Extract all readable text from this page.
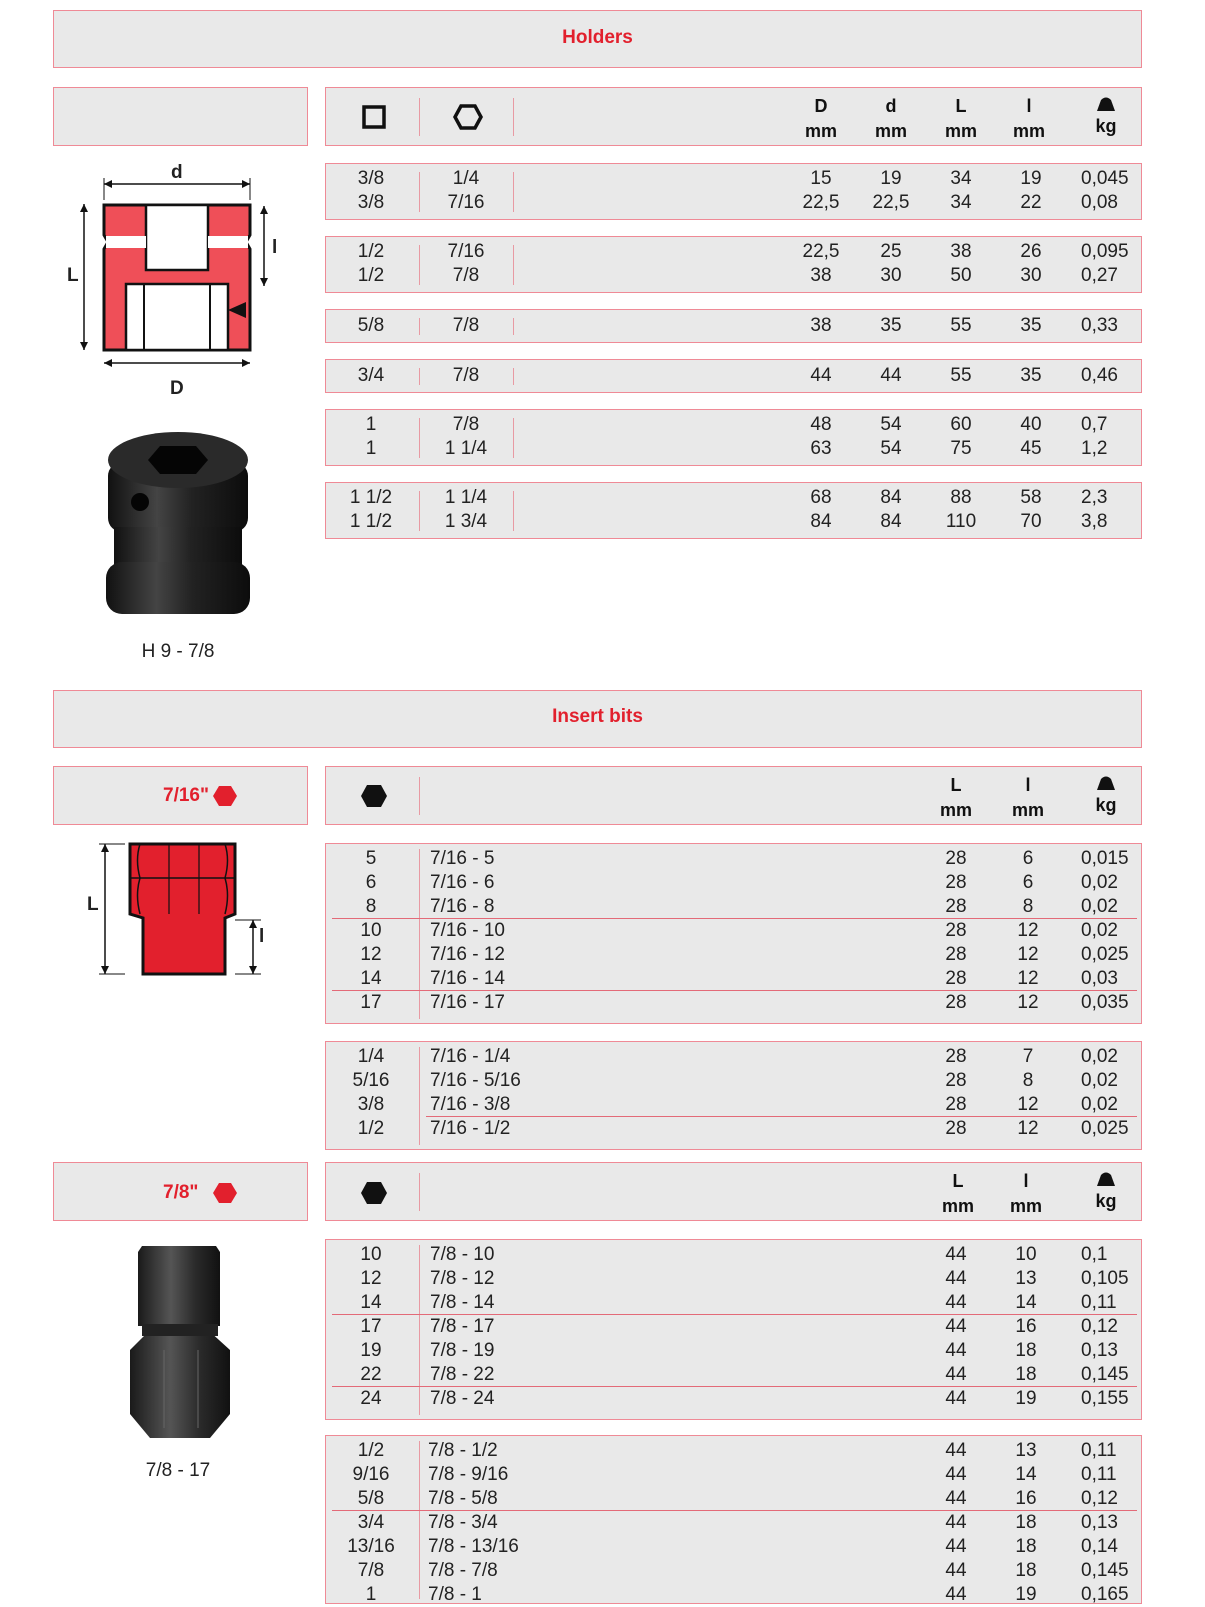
Holders
D
mm
d
mm
L
mm
l
mm	kg
3/8	1/4	15	19	34	19	0,045
3/8	7/16	22,5	22,5	34	22	0,08
1/2	7/16	22,5	25	38	26	0,095
1/2	7/8	38	30	50	30	0,27
5/8	7/8	38	35	55	35	0,33
3/4	7/8	44	44	55	35	0,46
1	7/8	48	54	60	40	0,7
1	1 1/4	63	54	75	45	1,2
1 1/2	1 1/4	68	84	88	58	2,3
1 1/2	1 3/4	84	84	110	70	3,8
d
L
l
D
H 9 - 7/8
Insert bits
7/16"	L
mm
l
mm	kg
5	7/16 - 5	28	6	0,015
6	7/16 - 6	28	6	0,02
8	7/16 - 8	28	8	0,02
10	7/16 - 10	28	12	0,02
12	7/16 - 12	28	12	0,025
14	7/16 - 14	28	12	0,03
17	7/16 - 17	28	12	0,035
1/4	7/16 - 1/4	28	7	0,02
5/16	7/16 - 5/16	28	8	0,02
3/8	7/16 - 3/8	28	12	0,02
1/2	7/16 - 1/2	28	12	0,025
L
l
7/8"
L
mm
l
mm	kg
10	7/8 - 10	44	10	0,1
12	7/8 - 12	44	13	0,105
14	7/8 - 14	44	14	0,11
17	7/8 - 17	44	16	0,12
19	7/8 - 19	44	18	0,13
22	7/8 - 22	44	18	0,145
24	7/8 - 24	44	19	0,155
1/2	7/8 - 1/2	44	13	0,11
9/16	7/8 - 9/16	44	14	0,11
5/8	7/8 - 5/8	44	16	0,12
3/4	7/8 - 3/4	44	18	0,13
13/16	7/8 - 13/16	44	18	0,14
7/8	7/8 - 7/8	44	18	0,145
1	7/8 - 1	44	19	0,165
7/8 - 17
